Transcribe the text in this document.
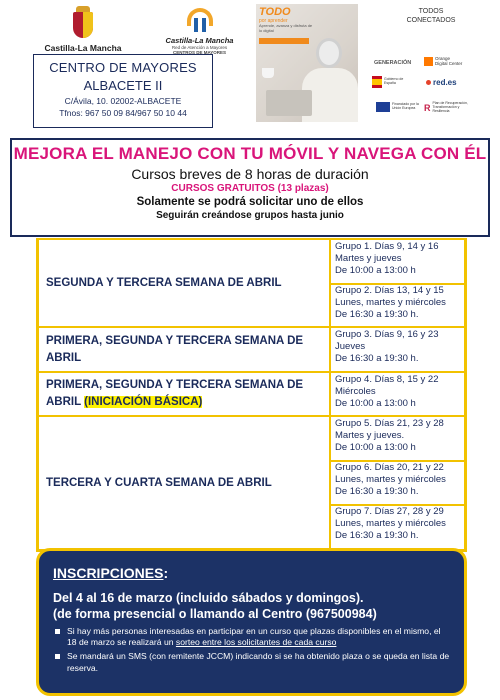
Castilla-La Mancha
Castilla-La Mancha
Red de Atención a Mayores
CENTROS DE MAYORES
TODO
por aprender
Aprende, avanza y disfruta de lo digital
TODOS
CONECTADOS
GENERACIÓN
Orange
Digital Center
Gobierno de España	red.es
Financiado por la Unión Europea R Plan de Recuperación, Transformación y Resiliencia
CENTRO DE MAYORES
ALBACETE II
C/Ávila, 10. 02002-ALBACETE
Tfnos: 967 50 09 84/967 50 10 44
MEJORA EL MANEJO CON TU MÓVIL Y NAVEGA CON ÉL
Cursos breves de 8 horas de duración
CURSOS GRATUITOS (13 plazas)
Solamente se podrá solicitar uno de ellos
Seguirán creándose grupos hasta junio
SEGUNDA Y TERCERA SEMANA DE ABRIL
Grupo 1. Días 9, 14 y 16
Martes y jueves
De 10:00 a 13:00 h
Grupo 2. Días 13, 14 y 15
Lunes, martes y miércoles
De 16:30 a 19:30 h.
PRIMERA, SEGUNDA Y TERCERA SEMANA DE ABRIL
Grupo 3. Días 9, 16 y 23
Jueves
De 16:30 a 19:30 h.
PRIMERA, SEGUNDA Y TERCERA SEMANA DE ABRIL (INICIACIÓN BÁSICA)
Grupo 4. Días 8, 15 y 22
Miércoles
De 10:00 a 13:00 h
TERCERA Y CUARTA SEMANA DE ABRIL
Grupo 5. Días 21, 23 y 28
Martes y jueves.
De 10:00 a 13:00 h
Grupo 6. Días 20, 21 y 22
Lunes, martes y miércoles
De 16:30 a 19:30 h.
Grupo 7. Días 27, 28 y 29
Lunes, martes y miércoles
De 16:30 a 19:30 h.
INSCRIPCIONES:
Del 4 al 16 de marzo (incluido sábados y domingos).
(de forma presencial o llamando al Centro (967500984)
Si hay más personas interesadas en participar en un curso que plazas disponibles en el mismo, el 18 de marzo se realizará un sorteo entre los solicitantes de cada curso
Se mandará un SMS (con remitente JCCM) indicando si se ha obtenido plaza o se queda en lista de reserva.
